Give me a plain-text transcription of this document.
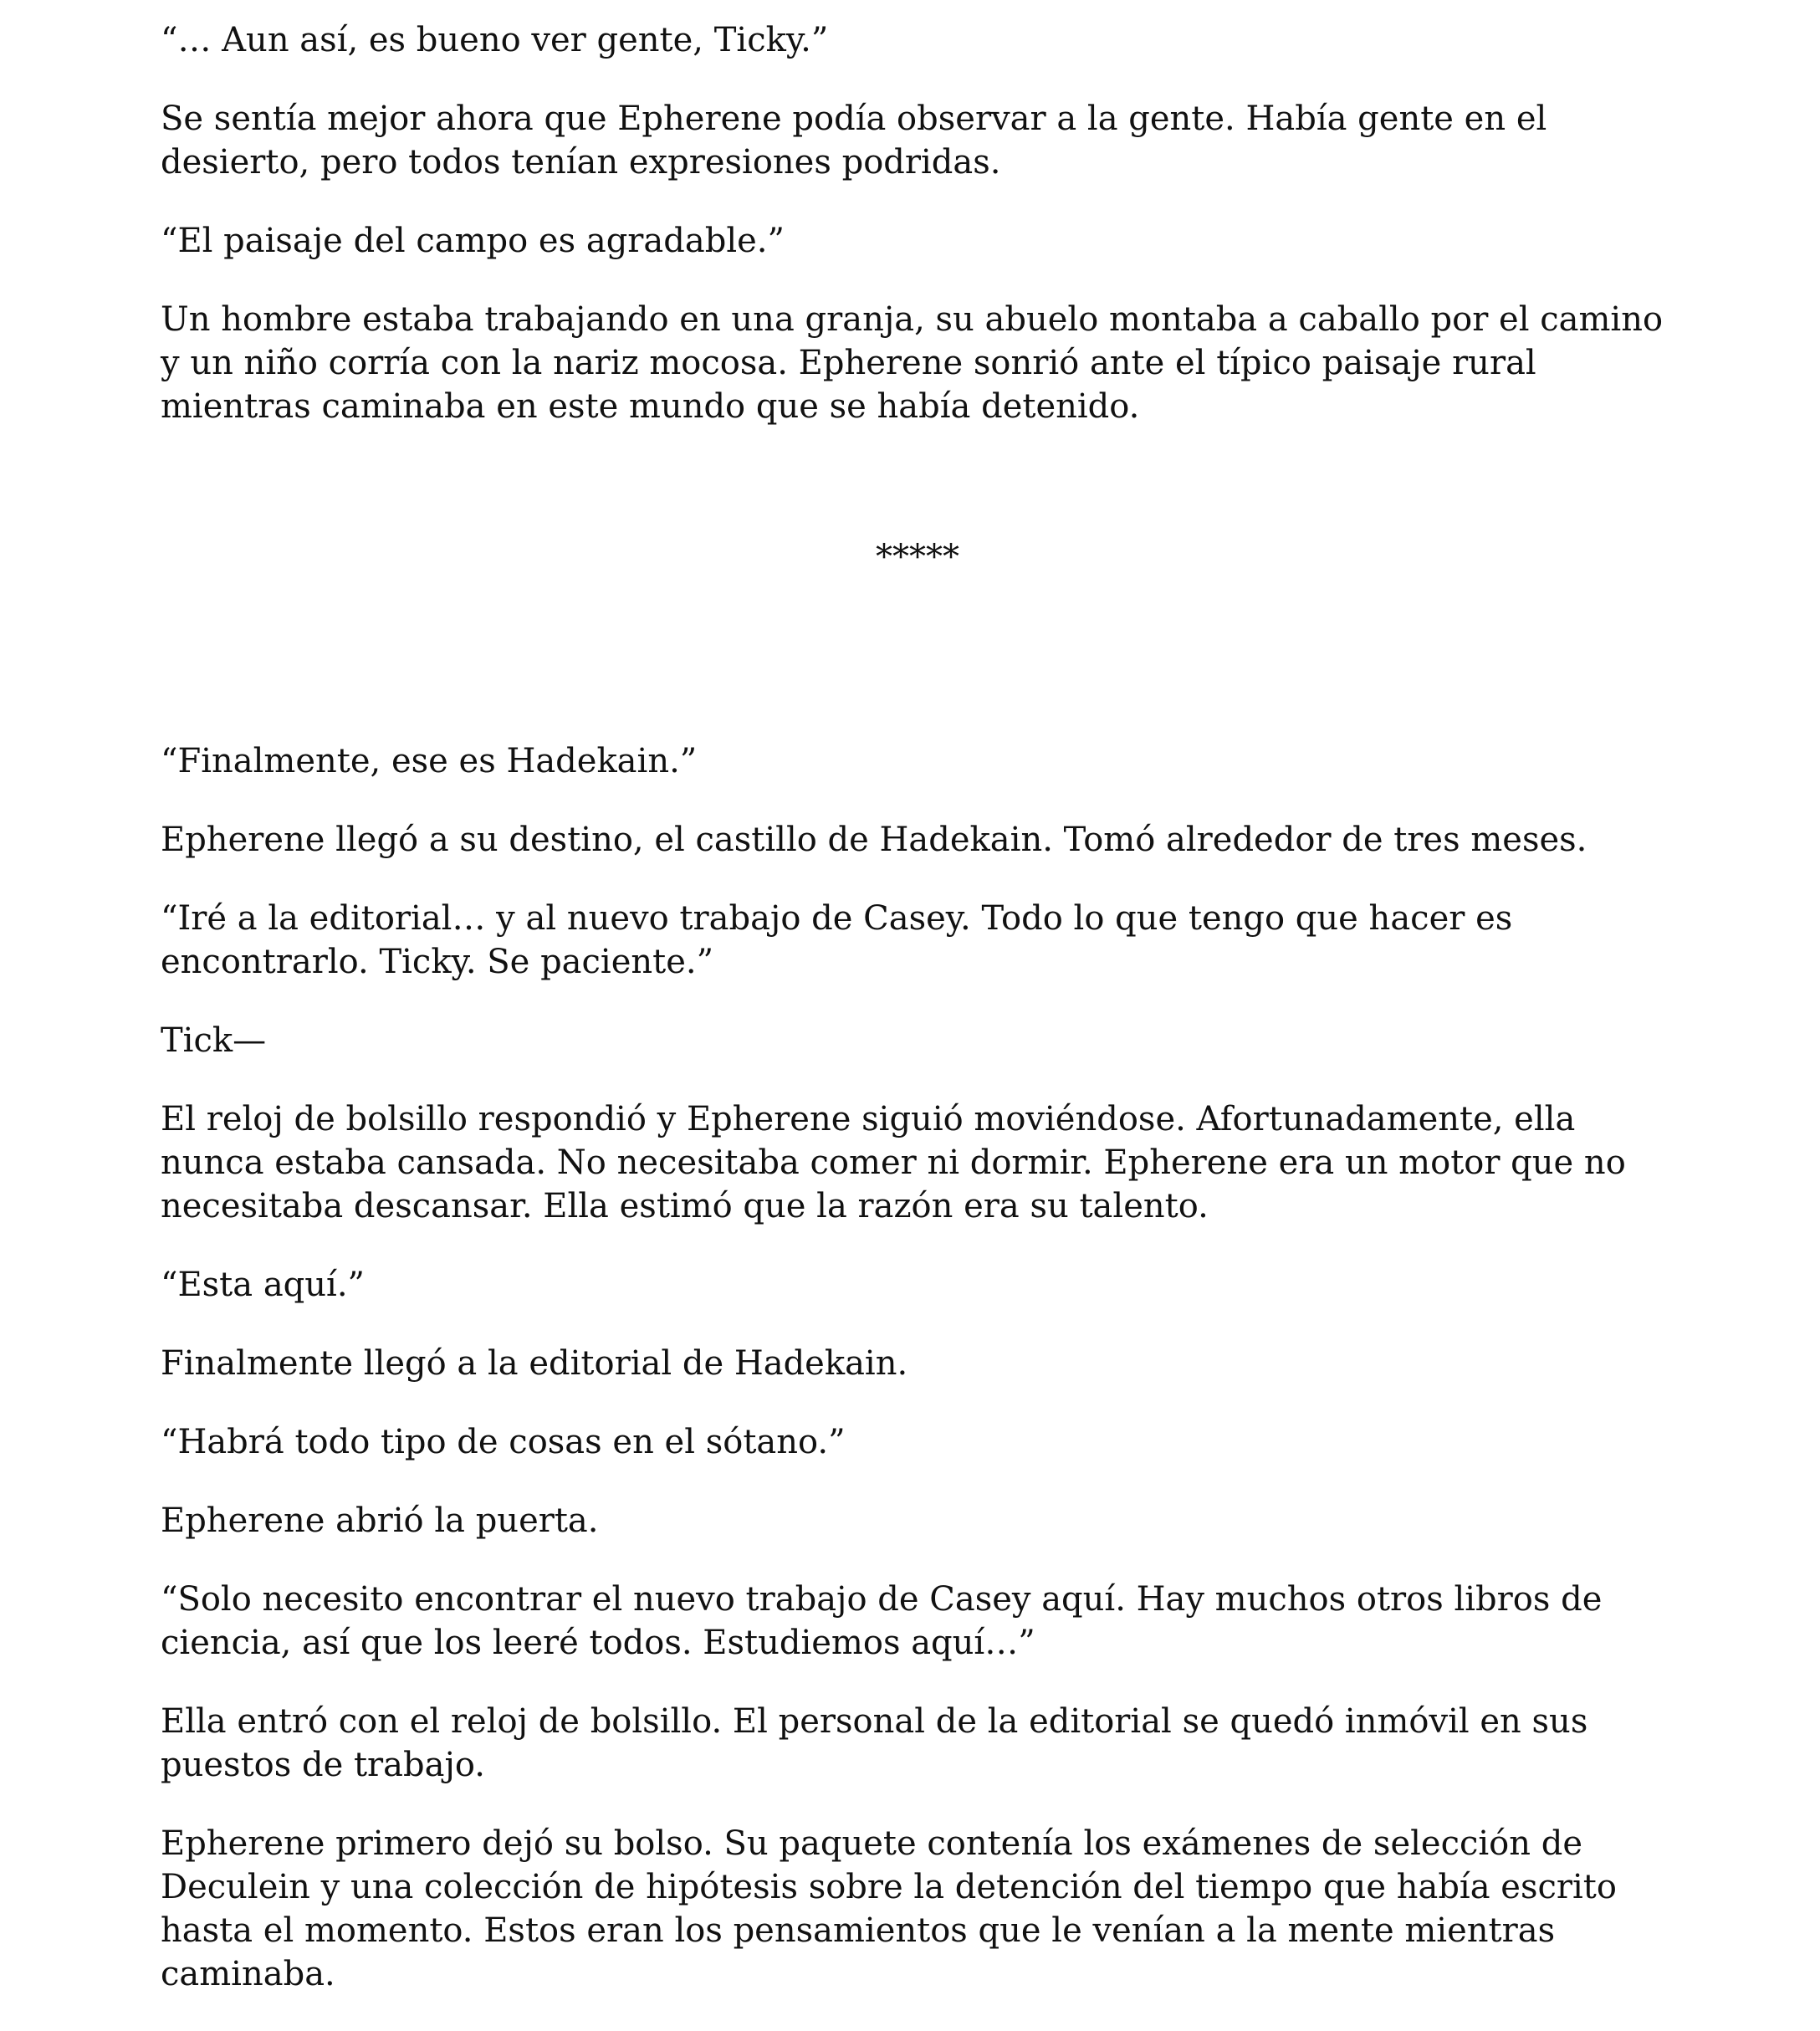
“… Aun así, es bueno ver gente, Ticky.”

Se sentía mejor ahora que Epherene podía observar a la gente. Había gente en el desierto, pero todos tenían expresiones podridas.

“El paisaje del campo es agradable.”

Un hombre estaba trabajando en una granja, su abuelo montaba a caballo por el camino y un niño corría con la nariz mocosa. Epherene sonrió ante el típico paisaje rural mientras caminaba en este mundo que se había detenido.

*****

“Finalmente, ese es Hadekain.”

Epherene llegó a su destino, el castillo de Hadekain. Tomó alrededor de tres meses.

“Iré a la editorial… y al nuevo trabajo de Casey. Todo lo que tengo que hacer es encontrarlo. Ticky. Se paciente.”

Tick—

El reloj de bolsillo respondió y Epherene siguió moviéndose. Afortunadamente, ella nunca estaba cansada. No necesitaba comer ni dormir. Epherene era un motor que no necesitaba descansar. Ella estimó que la razón era su talento.

“Esta aquí.”

Finalmente llegó a la editorial de Hadekain.

“Habrá todo tipo de cosas en el sótano.”

Epherene abrió la puerta.

“Solo necesito encontrar el nuevo trabajo de Casey aquí. Hay muchos otros libros de ciencia, así que los leeré todos. Estudiemos aquí…”

Ella entró con el reloj de bolsillo. El personal de la editorial se quedó inmóvil en sus puestos de trabajo.

Epherene primero dejó su bolso. Su paquete contenía los exámenes de selección de Deculein y una colección de hipótesis sobre la detención del tiempo que había escrito hasta el momento. Estos eran los pensamientos que le venían a la mente mientras caminaba.
